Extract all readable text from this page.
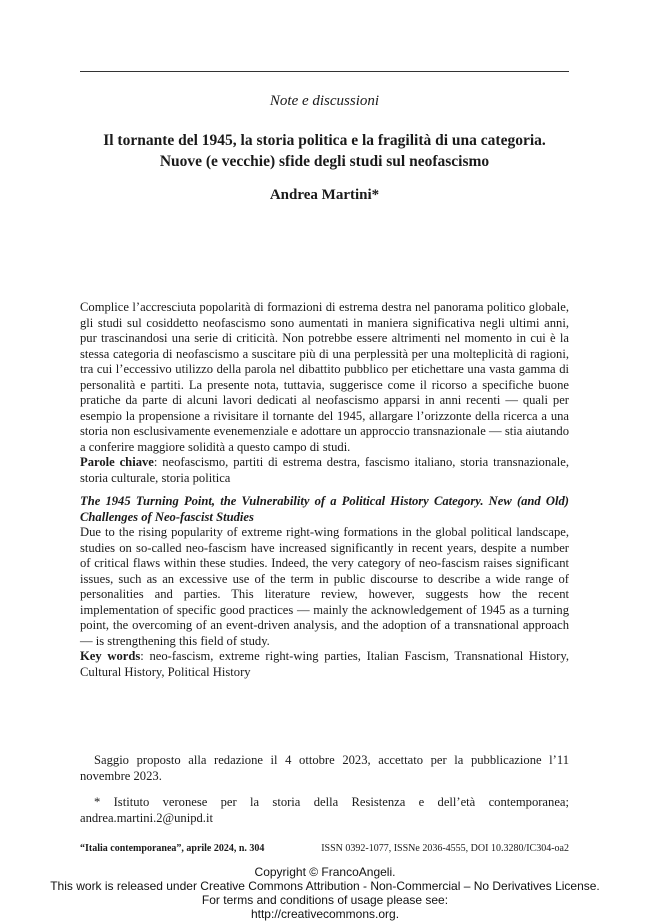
Note e discussioni
Il tornante del 1945, la storia politica e la fragilità di una categoria.
Nuove (e vecchie) sfide degli studi sul neofascismo
Andrea Martini*
Complice l’accresciuta popolarità di formazioni di estrema destra nel panorama politico globale, gli studi sul cosiddetto neofascismo sono aumentati in maniera significativa negli ultimi anni, pur trascinandosi una serie di criticità. Non potrebbe essere altrimenti nel momento in cui è la stessa categoria di neofascismo a suscitare più di una perplessità per una molteplicità di ragioni, tra cui l’eccessivo utilizzo della parola nel dibattito pubblico per etichettare una vasta gamma di personalità e partiti. La presente nota, tuttavia, suggerisce come il ricorso a specifiche buone pratiche da parte di alcuni lavori dedicati al neofascismo apparsi in anni recenti — quali per esempio la propensione a rivisitare il tornante del 1945, allargare l’orizzonte della ricerca a una storia non esclusivamente evenemenziale e adottare un approccio transnazionale — stia aiutando a conferire maggiore solidità a questo campo di studi.
Parole chiave: neofascismo, partiti di estrema destra, fascismo italiano, storia transnazionale, storia culturale, storia politica
The 1945 Turning Point, the Vulnerability of a Political History Category. New (and Old) Challenges of Neo-fascist Studies
Due to the rising popularity of extreme right-wing formations in the global political landscape, studies on so-called neo-fascism have increased significantly in recent years, despite a number of critical flaws within these studies. Indeed, the very category of neo-fascism raises significant issues, such as an excessive use of the term in public discourse to describe a wide range of personalities and parties. This literature review, however, suggests how the recent implementation of specific good practices — mainly the acknowledgement of 1945 as a turning point, the overcoming of an event-driven analysis, and the adoption of a transnational approach — is strengthening this field of study.
Key words: neo-fascism, extreme right-wing parties, Italian Fascism, Transnational History, Cultural History, Political History
Saggio proposto alla redazione il 4 ottobre 2023, accettato per la pubblicazione l’11 novembre 2023.
* Istituto veronese per la storia della Resistenza e dell’età contemporanea; andrea.martini.2@unipd.it
“Italia contemporanea”, aprile 2024, n. 304	ISSN 0392-1077, ISSNe 2036-4555, DOI 10.3280/IC304-oa2
Copyright © FrancoAngeli.
This work is released under Creative Commons Attribution - Non-Commercial – No Derivatives License.
For terms and conditions of usage please see:
http://creativecommons.org.
